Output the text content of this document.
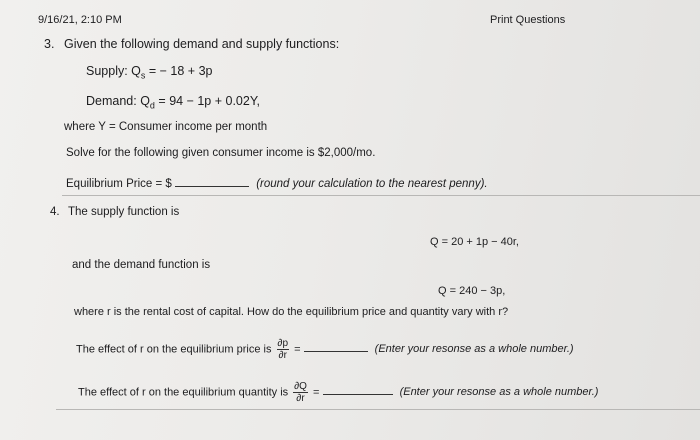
9/16/21, 2:10 PM	Print Questions
3. Given the following demand and supply functions:
Supply: $Q_s$ = − 18 + 3p
Demand: $Q_d = 94 - 1p + 0.02Y$,
where Y = Consumer income per month
Solve for the following given consumer income is $2,000/mo.
Equilibrium Price = $	(round your calculation to the nearest penny).
4. The supply function is
Q = 20 + 1p − 40r,
and the demand function is
Q = 240 − 3p,
where r is the rental cost of capital. How do the equilibrium price and quantity vary with r?
The effect of r on the equilibrium price is $\frac{\partial p}{\partial r}$ =	(Enter your resonse as a whole number.)
The effect of r on the equilibrium quantity is $\frac{\partial Q}{\partial r}$ =	(Enter your resonse as a whole number.)
